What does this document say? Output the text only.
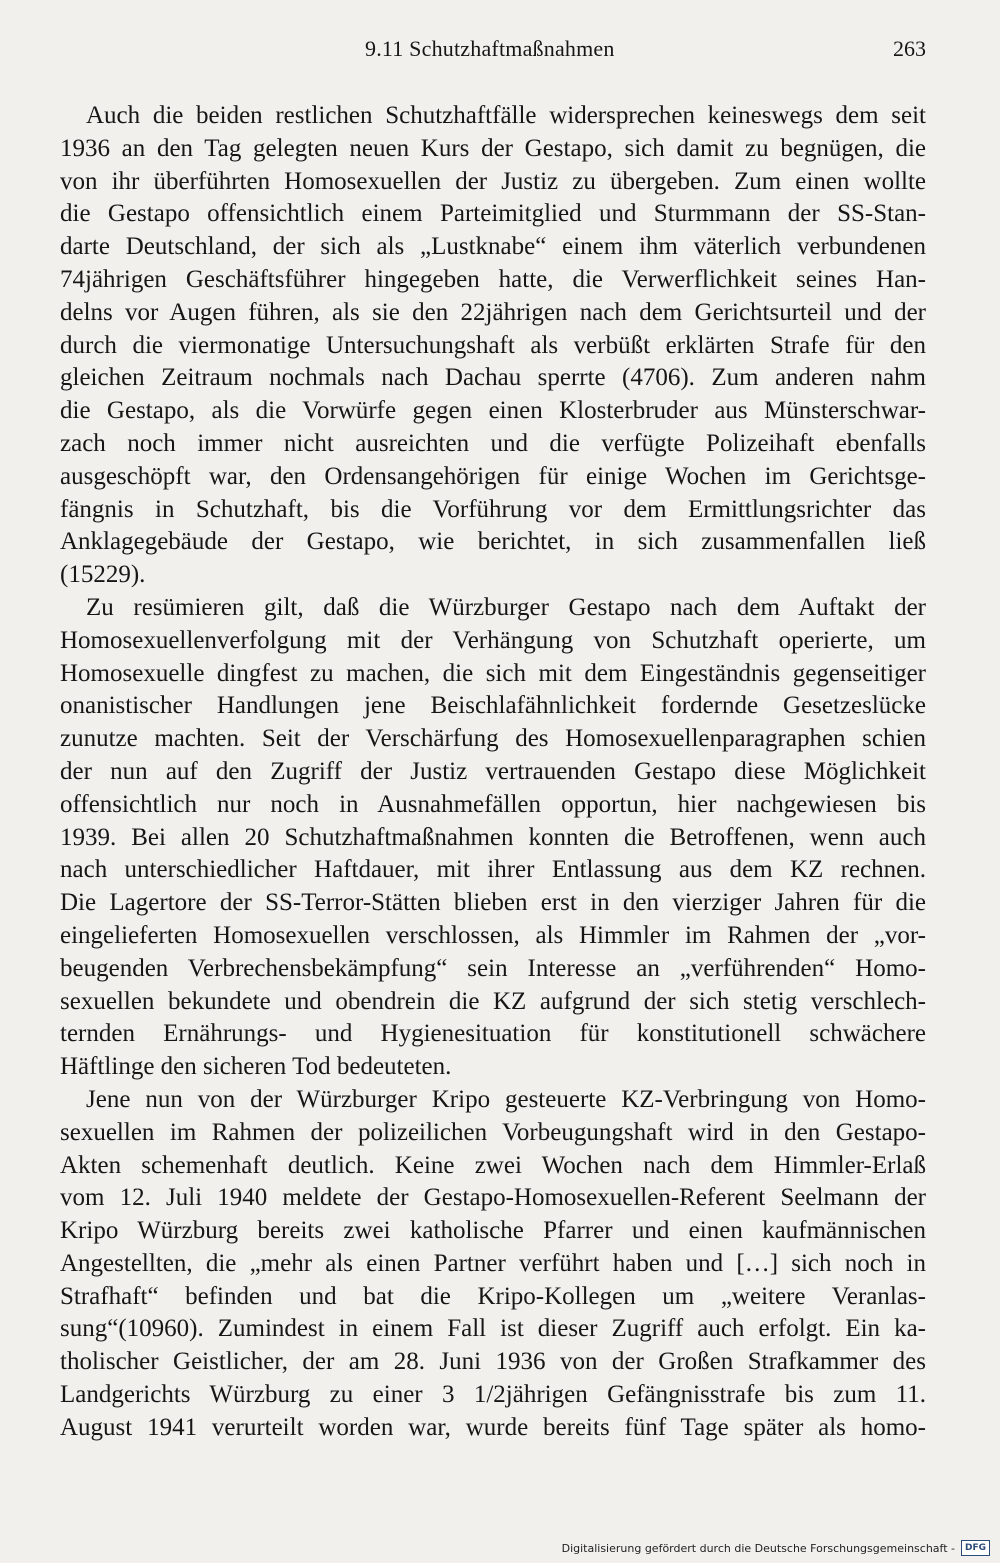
9.11 Schutzhaftmaßnahmen	263
Auch die beiden restlichen Schutzhaftfälle widersprechen keineswegs dem seit
1936 an den Tag gelegten neuen Kurs der Gestapo, sich damit zu begnügen, die
von ihr überführten Homosexuellen der Justiz zu übergeben. Zum einen wollte
die Gestapo offensichtlich einem Parteimitglied und Sturmmann der SS-Stan-
darte Deutschland, der sich als „Lustknabe“ einem ihm väterlich verbundenen
74jährigen Geschäftsführer hingegeben hatte, die Verwerflichkeit seines Han-
delns vor Augen führen, als sie den 22jährigen nach dem Gerichtsurteil und der
durch die viermonatige Untersuchungshaft als verbüßt erklärten Strafe für den
gleichen Zeitraum nochmals nach Dachau sperrte (4706). Zum anderen nahm
die Gestapo, als die Vorwürfe gegen einen Klosterbruder aus Münsterschwar-
zach noch immer nicht ausreichten und die verfügte Polizeihaft ebenfalls
ausgeschöpft war, den Ordensangehörigen für einige Wochen im Gerichtsge-
fängnis in Schutzhaft, bis die Vorführung vor dem Ermittlungsrichter das
Anklagegebäude der Gestapo, wie berichtet, in sich zusammenfallen ließ
(15229).
Zu resümieren gilt, daß die Würzburger Gestapo nach dem Auftakt der
Homosexuellenverfolgung mit der Verhängung von Schutzhaft operierte, um
Homosexuelle dingfest zu machen, die sich mit dem Eingeständnis gegenseitiger
onanistischer Handlungen jene Beischlafähnlichkeit fordernde Gesetzeslücke
zunutze machten. Seit der Verschärfung des Homosexuellenparagraphen schien
der nun auf den Zugriff der Justiz vertrauenden Gestapo diese Möglichkeit
offensichtlich nur noch in Ausnahmefällen opportun, hier nachgewiesen bis
1939. Bei allen 20 Schutzhaftmaßnahmen konnten die Betroffenen, wenn auch
nach unterschiedlicher Haftdauer, mit ihrer Entlassung aus dem KZ rechnen.
Die Lagertore der SS-Terror-Stätten blieben erst in den vierziger Jahren für die
eingelieferten Homosexuellen verschlossen, als Himmler im Rahmen der „vor-
beugenden Verbrechensbekämpfung“ sein Interesse an „verführenden“ Homo-
sexuellen bekundete und obendrein die KZ aufgrund der sich stetig verschlech-
ternden Ernährungs- und Hygienesituation für konstitutionell schwächere
Häftlinge den sicheren Tod bedeuteten.
Jene nun von der Würzburger Kripo gesteuerte KZ-Verbringung von Homo-
sexuellen im Rahmen der polizeilichen Vorbeugungshaft wird in den Gestapo-
Akten schemenhaft deutlich. Keine zwei Wochen nach dem Himmler-Erlaß
vom 12. Juli 1940 meldete der Gestapo-Homosexuellen-Referent Seelmann der
Kripo Würzburg bereits zwei katholische Pfarrer und einen kaufmännischen
Angestellten, die „mehr als einen Partner verführt haben und […] sich noch in
Strafhaft“ befinden und bat die Kripo-Kollegen um „weitere Veranlas-
sung“(10960). Zumindest in einem Fall ist dieser Zugriff auch erfolgt. Ein ka-
tholischer Geistlicher, der am 28. Juni 1936 von der Großen Strafkammer des
Landgerichts Würzburg zu einer 3 1/2jährigen Gefängnisstrafe bis zum 11.
August 1941 verurteilt worden war, wurde bereits fünf Tage später als homo-
Digitalisierung gefördert durch die Deutsche Forschungsgemeinschaft -	DFG
